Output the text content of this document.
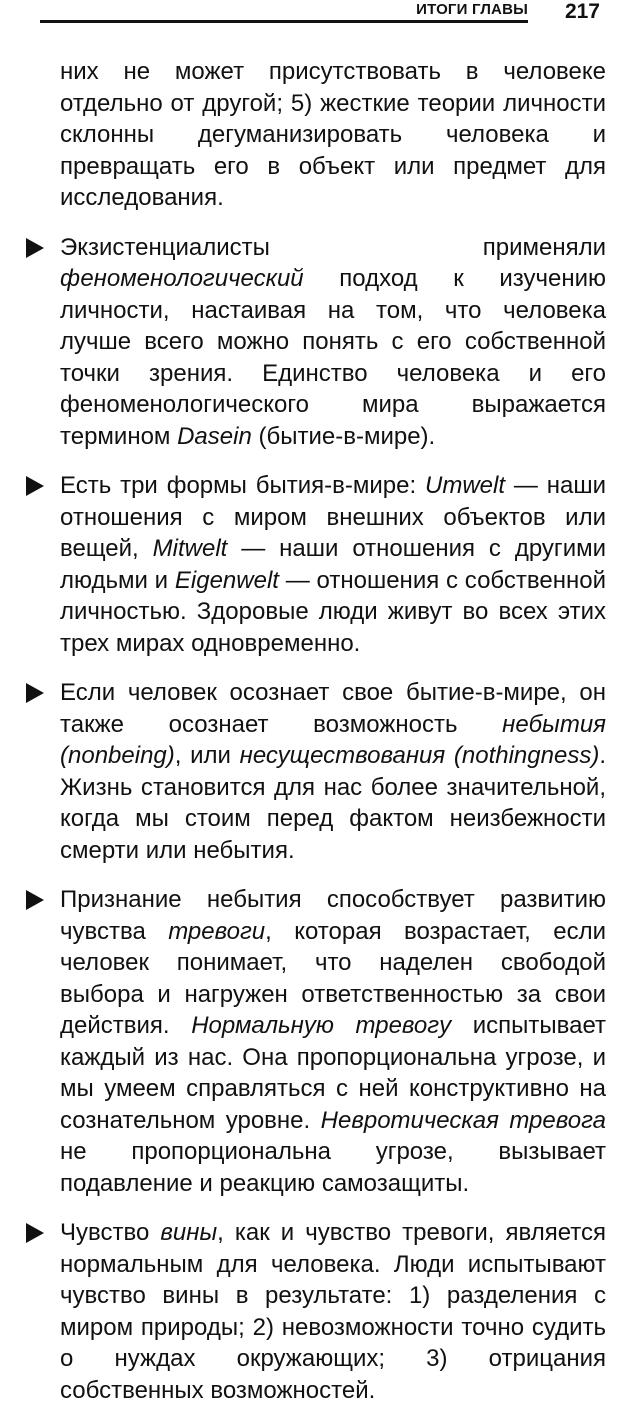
ИТОГИ ГЛАВЫ 217

них не может присутствовать в человеке отдельно от другой; 5) жесткие теории личности склонны дегуманизировать человека и превращать его в объект или предмет для исследования.

Экзистенциалисты применяли феноменологический подход к изучению личности, настаивая на том, что человека лучше всего можно понять с его собственной точки зрения. Единство человека и его феноменологического мира выражается термином Dasein (бытие-в-мире).

Есть три формы бытия-в-мире: Umwelt — наши отношения с миром внешних объектов или вещей, Mitwelt — наши отношения с другими людьми и Eigenwelt — отношения с собственной личностью. Здоровые люди живут во всех этих трех мирах одновременно.

Если человек осознает свое бытие-в-мире, он также осознает возможность небытия (nonbeing), или несуществования (nothingness). Жизнь становится для нас более значительной, когда мы стоим перед фактом неизбежности смерти или небытия.

Признание небытия способствует развитию чувства тревоги, которая возрастает, если человек понимает, что наделен свободой выбора и нагружен ответственностью за свои действия. Нормальную тревогу испытывает каждый из нас. Она пропорциональна угрозе, и мы умеем справляться с ней конструктивно на сознательном уровне. Невротическая тревога не пропорциональна угрозе, вызывает подавление и реакцию самозащиты.

Чувство вины, как и чувство тревоги, является нормальным для человека. Люди испытывают чувство вины в результате: 1) разделения с миром природы; 2) невозможности точно судить о нуждах окружающих; 3) отрицания собственных возможностей.
